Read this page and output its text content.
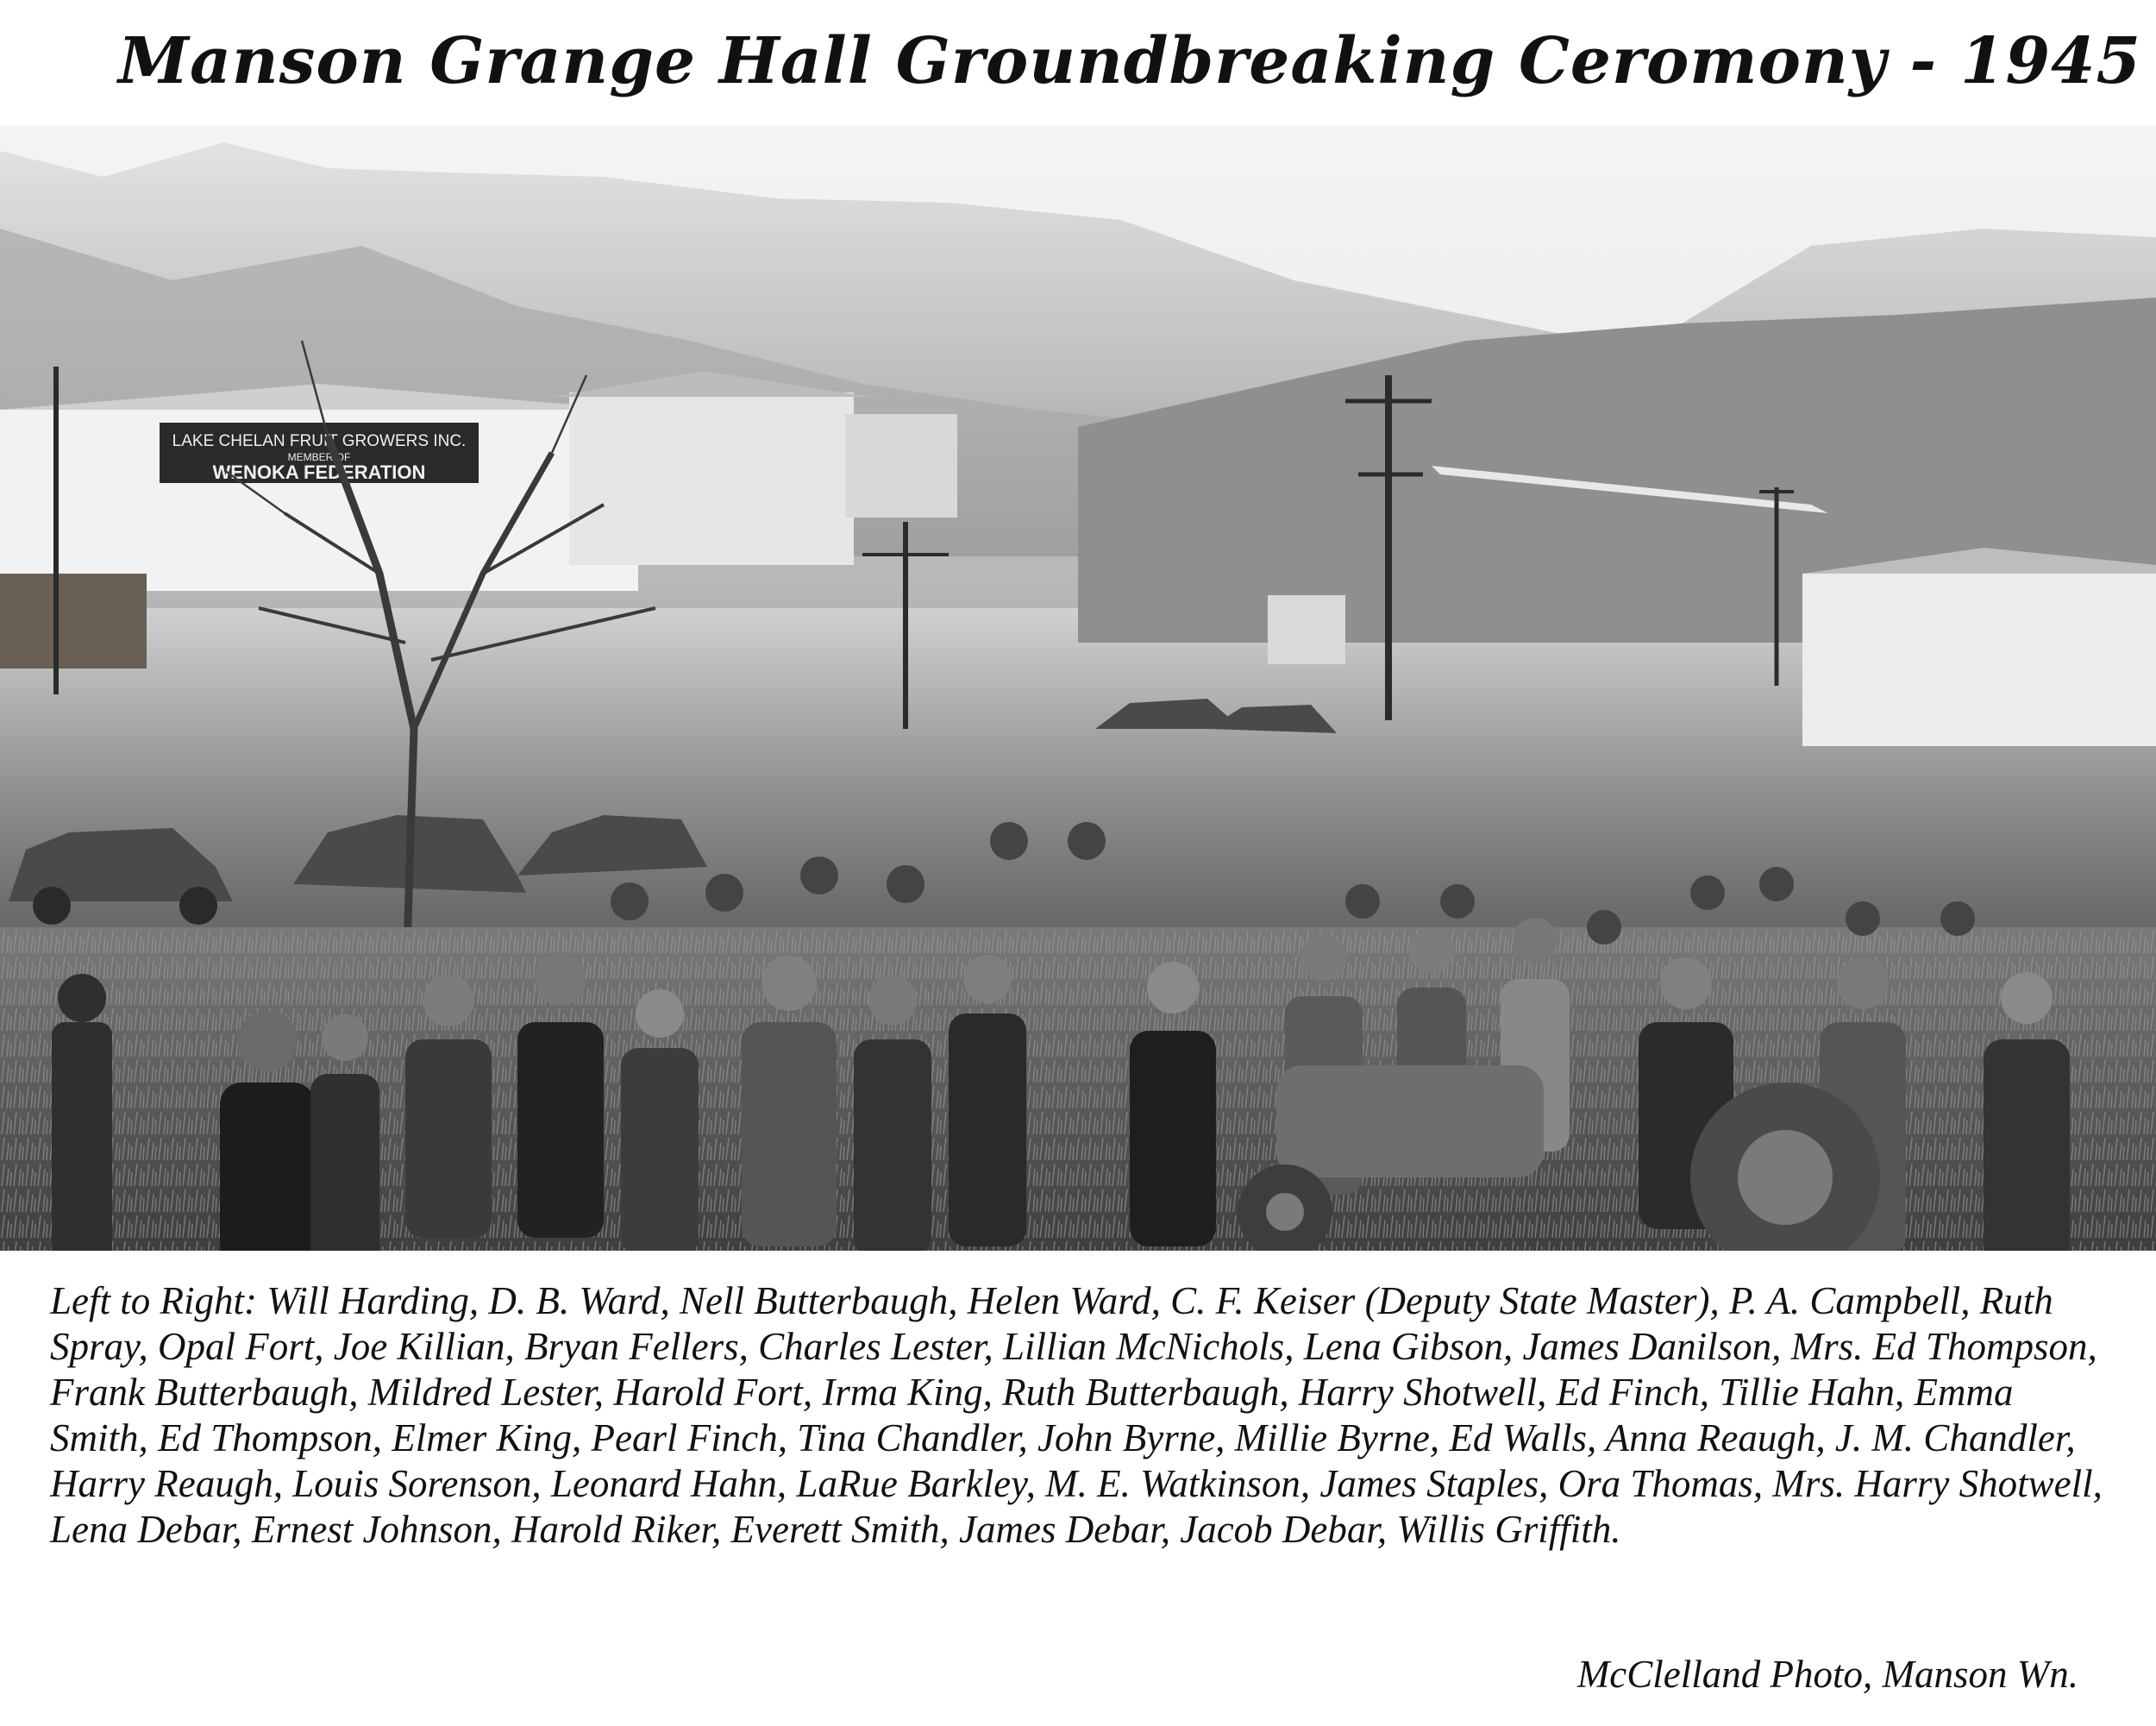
Manson Grange Hall Groundbreaking Ceromony - 1945
LAKE CHELAN FRUIT GROWERS INC.
MEMBER OF
WENOKA FEDERATION

Left to Right: Will Harding, D. B. Ward, Nell Butterbaugh, Helen Ward, C. F. Keiser (Deputy State Master), P. A. Campbell, Ruth Spray, Opal Fort, Joe Killian, Bryan Fellers, Charles Lester, Lillian McNichols, Lena Gibson, James Danilson, Mrs. Ed Thompson, Frank Butterbaugh, Mildred Lester, Harold Fort, Irma King, Ruth Butterbaugh, Harry Shotwell, Ed Finch, Tillie Hahn, Emma Smith, Ed Thompson, Elmer King, Pearl Finch, Tina Chandler, John Byrne, Millie Byrne, Ed Walls, Anna Reaugh, J. M. Chandler, Harry Reaugh, Louis Sorenson, Leonard Hahn, LaRue Barkley, M. E. Watkinson, James Staples, Ora Thomas, Mrs. Harry Shotwell, Lena Debar, Ernest Johnson, Harold Riker, Everett Smith, James Debar, Jacob Debar, Willis Griffith.

McClelland Photo, Manson Wn.
